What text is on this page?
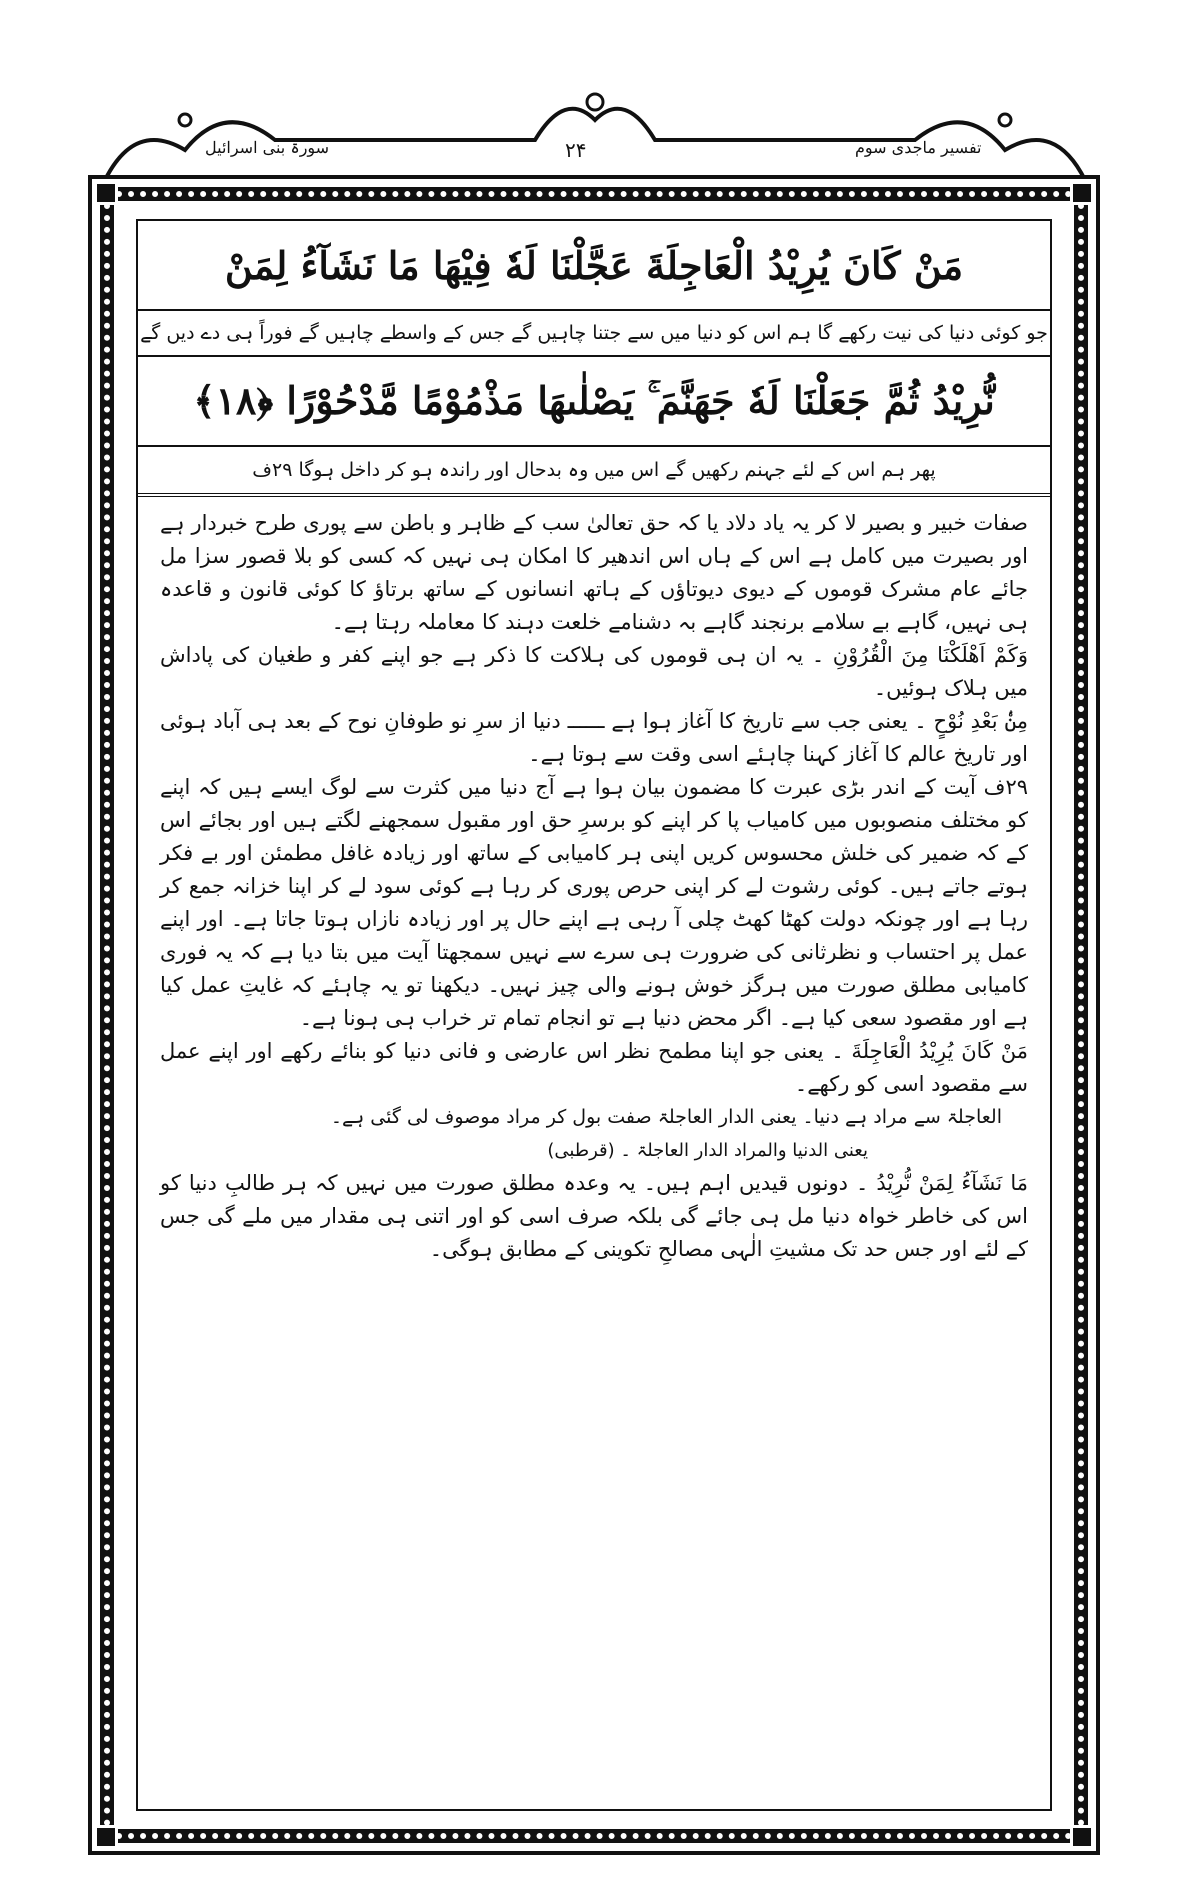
سورۃ بنی اسرائیل	۲۴	تفسیر ماجدی سوم
مَنْ كَانَ يُرِيْدُ الْعَاجِلَةَ عَجَّلْنَا لَهٗ فِيْهَا مَا نَشَآءُ لِمَنْ
جو کوئی دنیا کی نیت رکھے گا ہم اس کو دنیا میں سے جتنا چاہیں گے جس کے واسطے چاہیں گے فوراً ہی دے دیں گے
نُّرِيْدُ ثُمَّ جَعَلْنَا لَهٗ جَهَنَّمَ ۚ يَصْلٰىهَا مَذْمُوْمًا مَّدْحُوْرًا ﴿۱۸﴾
پھر ہم اس کے لئے جہنم رکھیں گے اس میں وہ بدحال اور راندہ ہو کر داخل ہوگا ۲۹ف

صفات خبیر و بصیر لا کر یہ یاد دلاد یا کہ حق تعالیٰ سب کے ظاہر و باطن سے پوری طرح خبردار ہے اور بصیرت میں کامل ہے اس کے ہاں اس اندھیر کا امکان ہی نہیں کہ کسی کو بلا قصور سزا مل جائے عام مشرک قوموں کے دیوی دیوتاؤں کے ہاتھ انسانوں کے ساتھ برتاؤ کا کوئی قانون و قاعدہ ہی نہیں، گاہے بے سلامے برنجند گاہے بہ دشنامے خلعت دہند کا معاملہ رہتا ہے۔

وَكَمْ اَهْلَكْنَا مِنَ الْقُرُوْنِ ۔ یہ ان ہی قوموں کی ہلاکت کا ذکر ہے جو اپنے کفر و طغیان کی پاداش میں ہلاک ہوئیں۔

مِنْۢ بَعْدِ نُوْحٍ ۔ یعنی جب سے تاریخ کا آغاز ہوا ہے ــــــ دنیا از سرِ نو طوفانِ نوح کے بعد ہی آباد ہوئی اور تاریخ عالم کا آغاز کہنا چاہئے اسی وقت سے ہوتا ہے۔

۲۹ف آیت کے اندر بڑی عبرت کا مضمون بیان ہوا ہے آج دنیا میں کثرت سے لوگ ایسے ہیں کہ اپنے کو مختلف منصوبوں میں کامیاب پا کر اپنے کو برسرِ حق اور مقبول سمجھنے لگتے ہیں اور بجائے اس کے کہ ضمیر کی خلش محسوس کریں اپنی ہر کامیابی کے ساتھ اور زیادہ غافل مطمئن اور بے فکر ہوتے جاتے ہیں۔ کوئی رشوت لے کر اپنی حرص پوری کر رہا ہے کوئی سود لے کر اپنا خزانہ جمع کر رہا ہے اور چونکہ دولت کھٹا کھٹ چلی آ رہی ہے اپنے حال پر اور زیادہ نازاں ہوتا جاتا ہے۔ اور اپنے عمل پر احتساب و نظرثانی کی ضرورت ہی سرے سے نہیں سمجھتا آیت میں بتا دیا ہے کہ یہ فوری کامیابی مطلق صورت میں ہرگز خوش ہونے والی چیز نہیں۔ دیکھنا تو یہ چاہئے کہ غایتِ عمل کیا ہے اور مقصود سعی کیا ہے۔ اگر محض دنیا ہے تو انجام تمام تر خراب ہی ہونا ہے۔

مَنْ كَانَ يُرِيْدُ الْعَاجِلَةَ ۔ یعنی جو اپنا مطمح نظر اس عارضی و فانی دنیا کو بنائے رکھے اور اپنے عمل سے مقصود اسی کو رکھے۔

العاجلۃ سے مراد ہے دنیا۔ یعنی الدار العاجلۃ صفت بول کر مراد موصوف لی گئی ہے۔

یعنی الدنیا والمراد الدار العاجلۃ ۔ (قرطبی)

مَا نَشَآءُ لِمَنْ نُّرِيْدُ ۔ دونوں قیدیں اہم ہیں۔ یہ وعدہ مطلق صورت میں نہیں کہ ہر طالبِ دنیا کو اس کی خاطر خواہ دنیا مل ہی جائے گی بلکہ صرف اسی کو اور اتنی ہی مقدار میں ملے گی جس کے لئے اور جس حد تک مشیتِ الٰہی مصالحِ تکوینی کے مطابق ہوگی۔
